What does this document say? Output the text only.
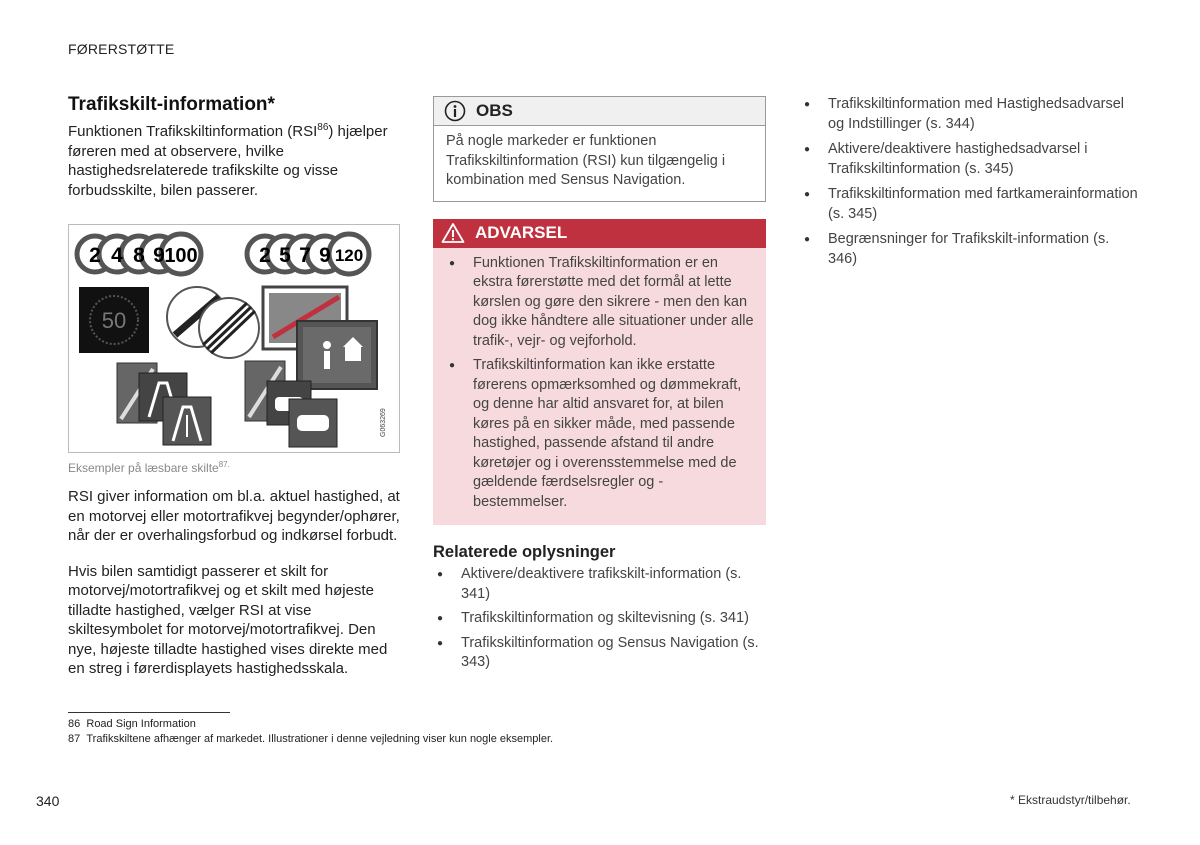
FØRERSTØTTE
Trafikskilt-information*

Funktionen Trafikskiltinformation (RSI$^{86}$) hjælper føreren med at observere, hvilke hastighedsrelaterede trafikskilte og visse forbudsskilte, bilen passerer.

2 4 8 9 100	2 5 7 9 120
50
G063269
Eksempler på læsbare skilte$^{87.}$

RSI giver information om bl.a. aktuel hastighed, at en motorvej eller motortrafikvej begynder/ophører, når der er overhalingsforbud og indkørsel forbudt.

Hvis bilen samtidigt passerer et skilt for motorvej/motortrafikvej og et skilt med højeste tilladte hastighed, vælger RSI at vise skiltesymbolet for motorvej/motortrafikvej. Den nye, højeste tilladte hastighed vises direkte med en streg i førerdisplayets hastighedsskala.

OBS
På nogle markeder er funktionen Trafikskiltinformation (RSI) kun tilgængelig i kombination med Sensus Navigation.
ADVARSEL
● Funktionen Trafikskiltinformation er en ekstra førerstøtte med det formål at lette kørslen og gøre den sikrere - men den kan dog ikke håndtere alle situationer under alle trafik-, vejr- og vejforhold.
● Trafikskiltinformation kan ikke erstatte førerens opmærksomhed og dømmekraft, og denne har altid ansvaret for, at bilen køres på en sikker måde, med passende hastighed, passende afstand til andre køretøjer og i overensstemmelse med de gældende færdselsregler og -bestemmelser.
Relaterede oplysninger
● Aktivere/deaktivere trafikskilt-information (s. 341)
● Trafikskiltinformation og skiltevisning (s. 341)
● Trafikskiltinformation og Sensus Navigation (s. 343)
● Trafikskiltinformation med Hastighedsadvarsel og Indstillinger (s. 344)
● Aktivere/deaktivere hastighedsadvarsel i Trafikskiltinformation (s. 345)
● Trafikskiltinformation med fartkamerainformation (s. 345)
● Begrænsninger for Trafikskilt-information (s. 346)
86 Road Sign Information
87 Trafikskiltene afhænger af markedet. Illustrationer i denne vejledning viser kun nogle eksempler.
340	* Ekstraudstyr/tilbehør.
